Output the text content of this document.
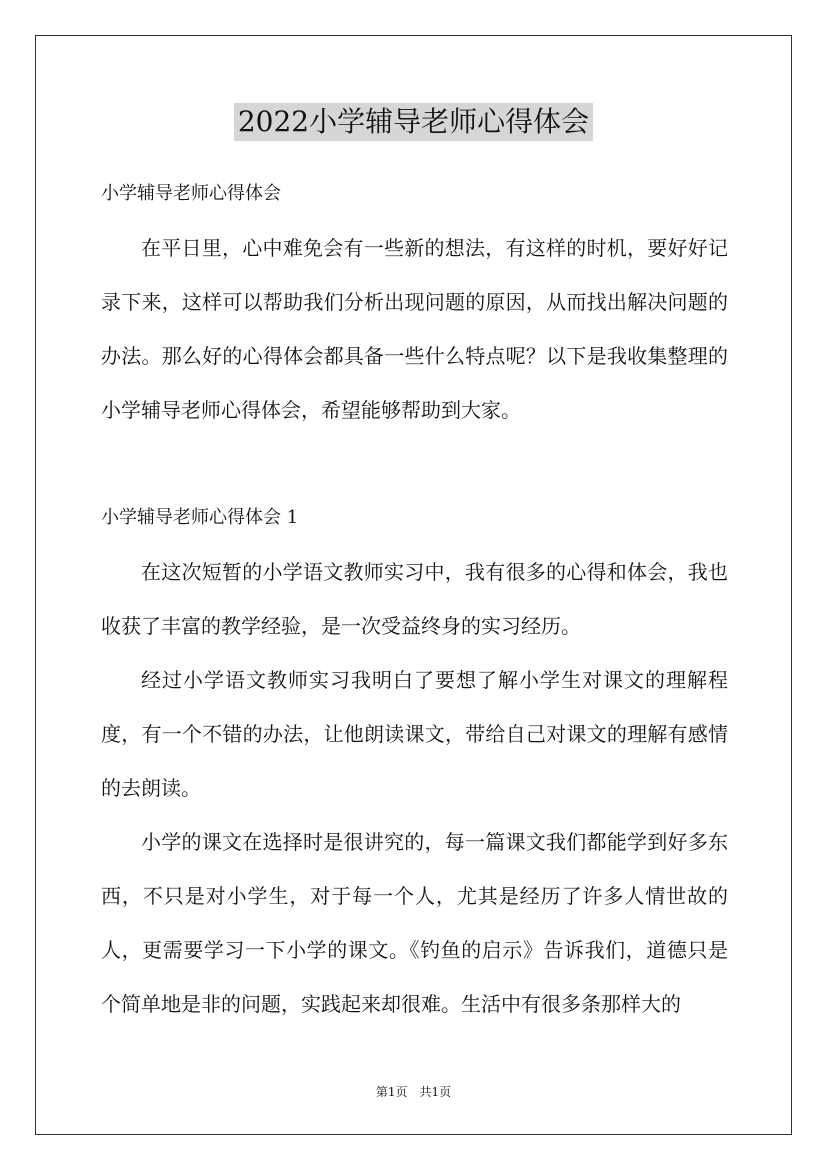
2022小学辅导老师心得体会
小学辅导老师心得体会

在平日里，心中难免会有一些新的想法，有这样的时机，要好好记录下来，这样可以帮助我们分析出现问题的原因，从而找出解决问题的办法。那么好的心得体会都具备一些什么特点呢？以下是我收集整理的小学辅导老师心得体会，希望能够帮助到大家。

小学辅导老师心得体会 1

在这次短暂的小学语文教师实习中，我有很多的心得和体会，我也收获了丰富的教学经验，是一次受益终身的实习经历。

经过小学语文教师实习我明白了要想了解小学生对课文的理解程度，有一个不错的办法，让他朗读课文，带给自己对课文的理解有感情的去朗读。

小学的课文在选择时是很讲究的，每一篇课文我们都能学到好多东西，不只是对小学生，对于每一个人，尤其是经历了许多人情世故的人，更需要学习一下小学的课文。《钓鱼的启示》告诉我们，道德只是个简单地是非的问题，实践起来却很难。生活中有很多条那样大的

第1页　共1页
